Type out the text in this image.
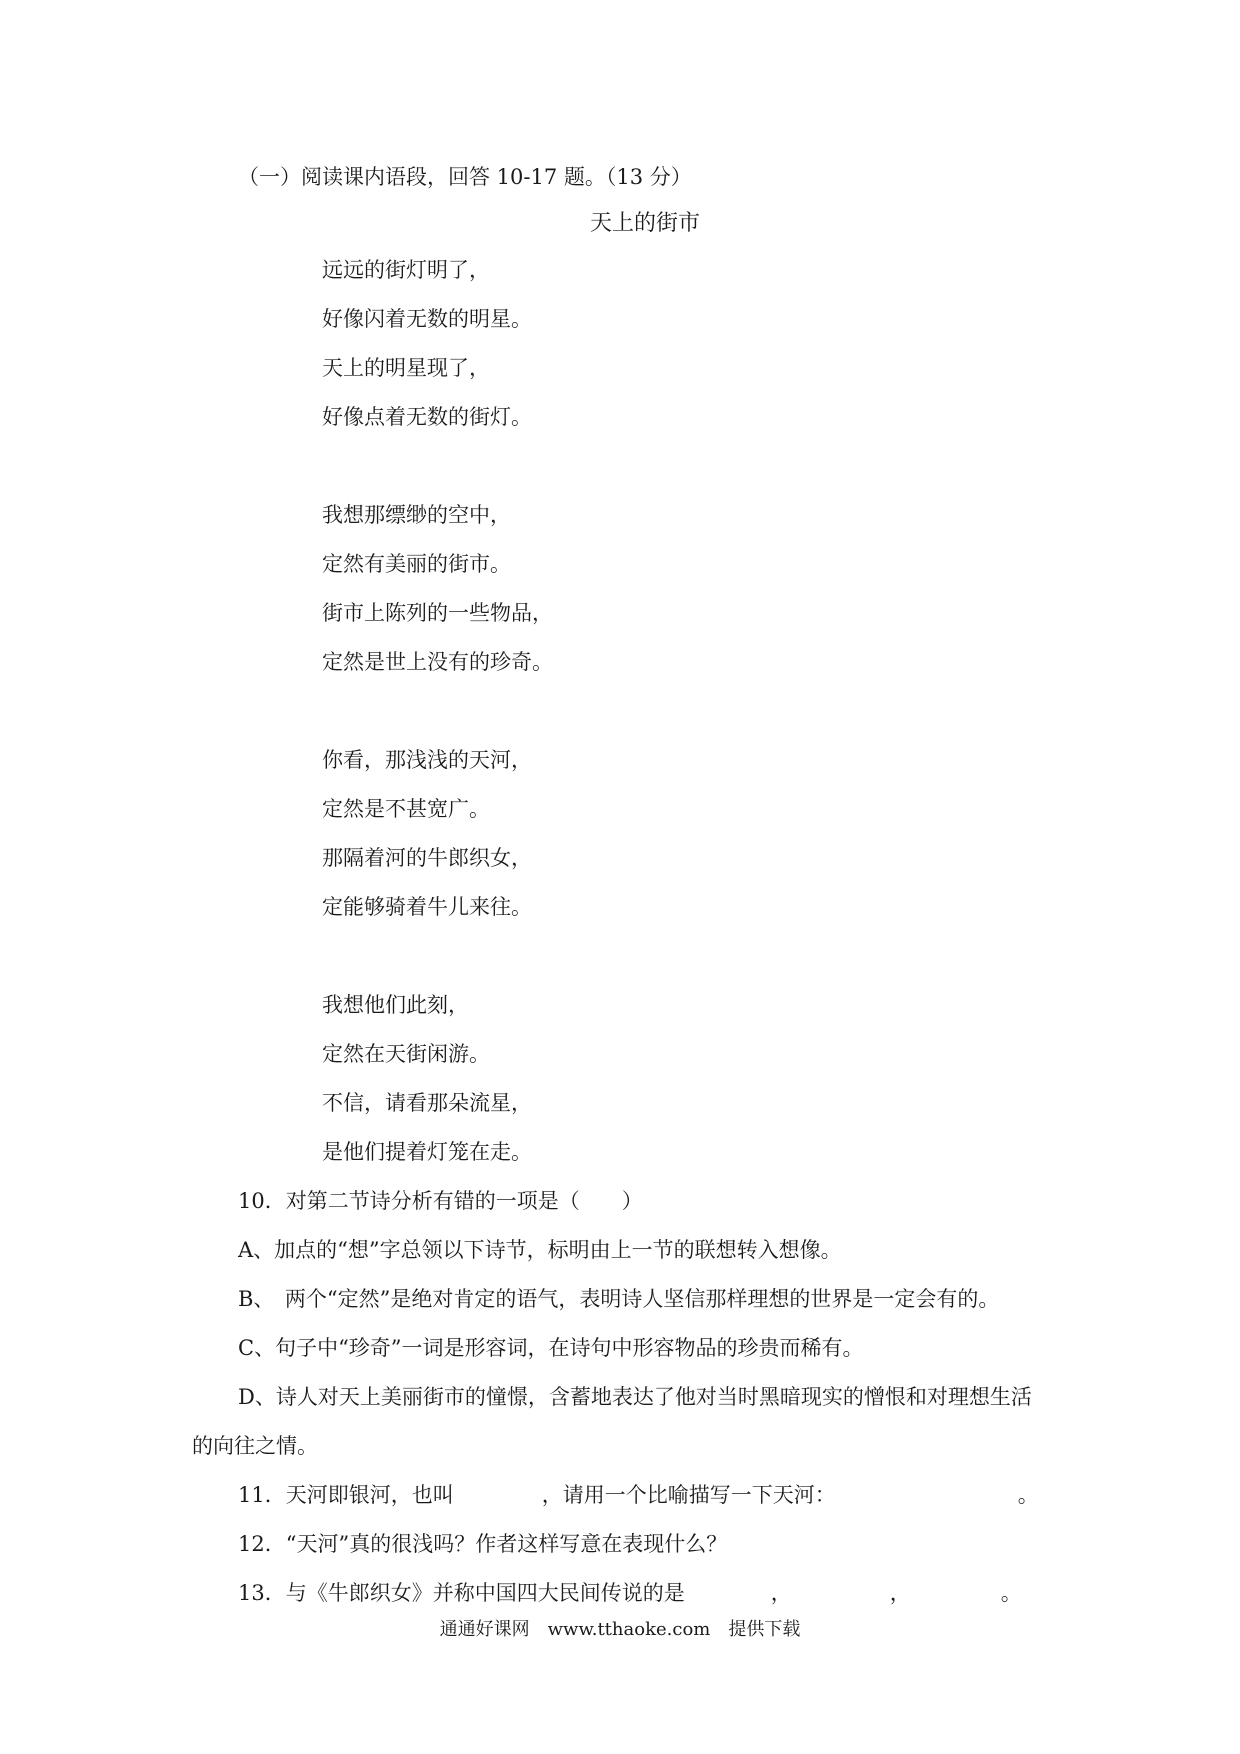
（一）阅读课内语段，回答 10-17 题。（13 分）
天上的街市
远远的街灯明了，
好像闪着无数的明星。
天上的明星现了，
好像点着无数的街灯。
我想那缥缈的空中，
定然有美丽的街市。
街市上陈列的一些物品，
定然是世上没有的珍奇。
你看，那浅浅的天河，
定然是不甚宽广。
那隔着河的牛郎织女，
定能够骑着牛儿来往。
我想他们此刻，
定然在天街闲游。
不信，请看那朵流星，
是他们提着灯笼在走。
10．对第二节诗分析有错的一项是（　　）
A、加点的“想”字总领以下诗节，标明由上一节的联想转入想像。
B、　两个“定然”是绝对肯定的语气，表明诗人坚信那样理想的世界是一定会有的。
C、句子中“珍奇”一词是形容词，在诗句中形容物品的珍贵而稀有。
D、诗人对天上美丽街市的憧憬，含蓄地表达了他对当时黑暗现实的憎恨和对理想生活
的向往之情。
11．天河即银河，也叫	，请用一个比喻描写一下天河：	。
12．“天河”真的很浅吗？作者这样写意在表现什么？
13．与《牛郎织女》并称中国四大民间传说的是	，	，	。
通通好课网　www.tthaoke.com　提供下载
